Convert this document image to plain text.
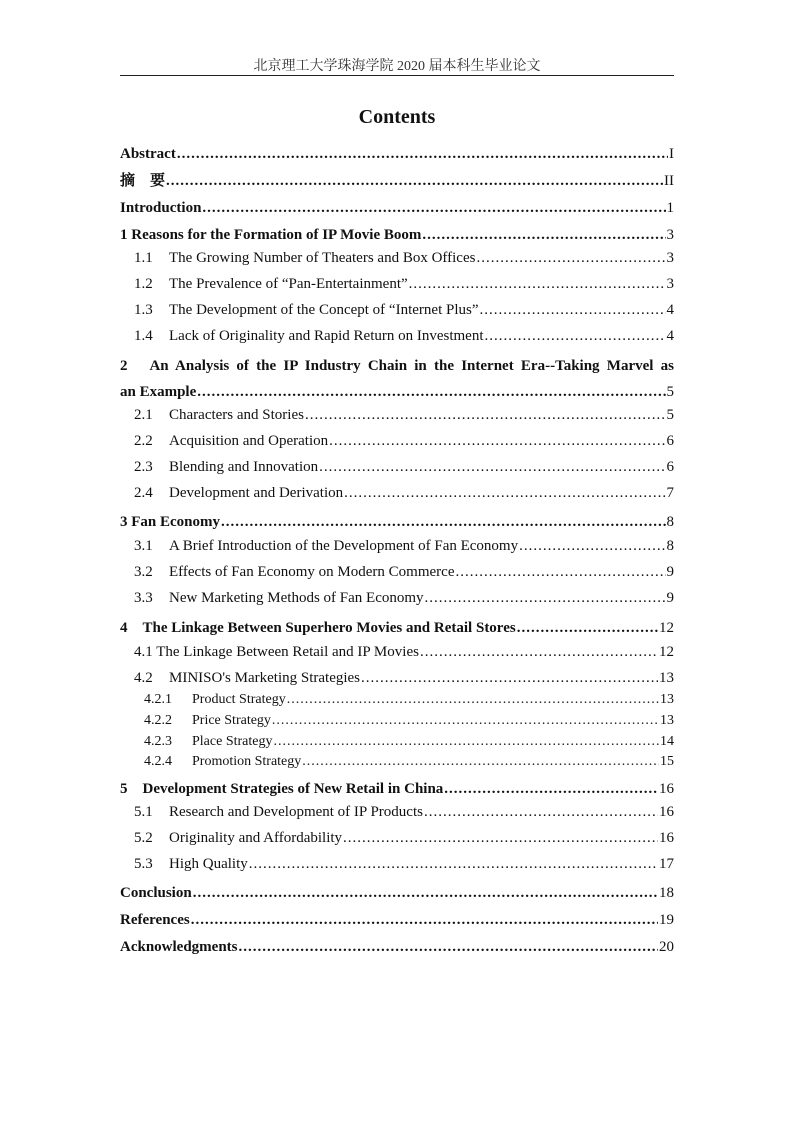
北京理工大学珠海学院 2020 届本科生毕业论文
Contents
Abstract .....	I
摘　要 .....	II
Introduction .....	1
1 Reasons for the Formation of IP Movie Boom .....	3
1.1 The Growing Number of Theaters and Box Offices .....	3
1.2 The Prevalence of “Pan-Entertainment” .....	3
1.3 The Development of the Concept of “Internet Plus” .....	4
1.4 Lack of Originality and Rapid Return on Investment .....	4
2　An Analysis of the IP Industry Chain in the Internet Era--Taking Marvel as
an Example .....	5
2.1 Characters and Stories .....	5
2.2 Acquisition and Operation .....	6
2.3 Blending and Innovation .....	6
2.4 Development and Derivation .....	7
3 Fan Economy .....	8
3.1 A Brief Introduction of the Development of Fan Economy .....	8
3.2 Effects of Fan Economy on Modern Commerce .....	9
3.3 New Marketing Methods of Fan Economy .....	9
4　The Linkage Between Superhero Movies and Retail Stores .....	12
4.1 The Linkage Between Retail and IP Movies .....	12
4.2 MINISO's Marketing Strategies .....	13
4.2.1 Product Strategy .....	13
4.2.2 Price Strategy .....	13
4.2.3 Place Strategy .....	14
4.2.4 Promotion Strategy .....	15
5　Development Strategies of New Retail in China .....	16
5.1 Research and Development of IP Products .....	16
5.2 Originality and Affordability .....	16
5.3 High Quality .....	17
Conclusion .....	18
References .....	19
Acknowledgments .....	20
